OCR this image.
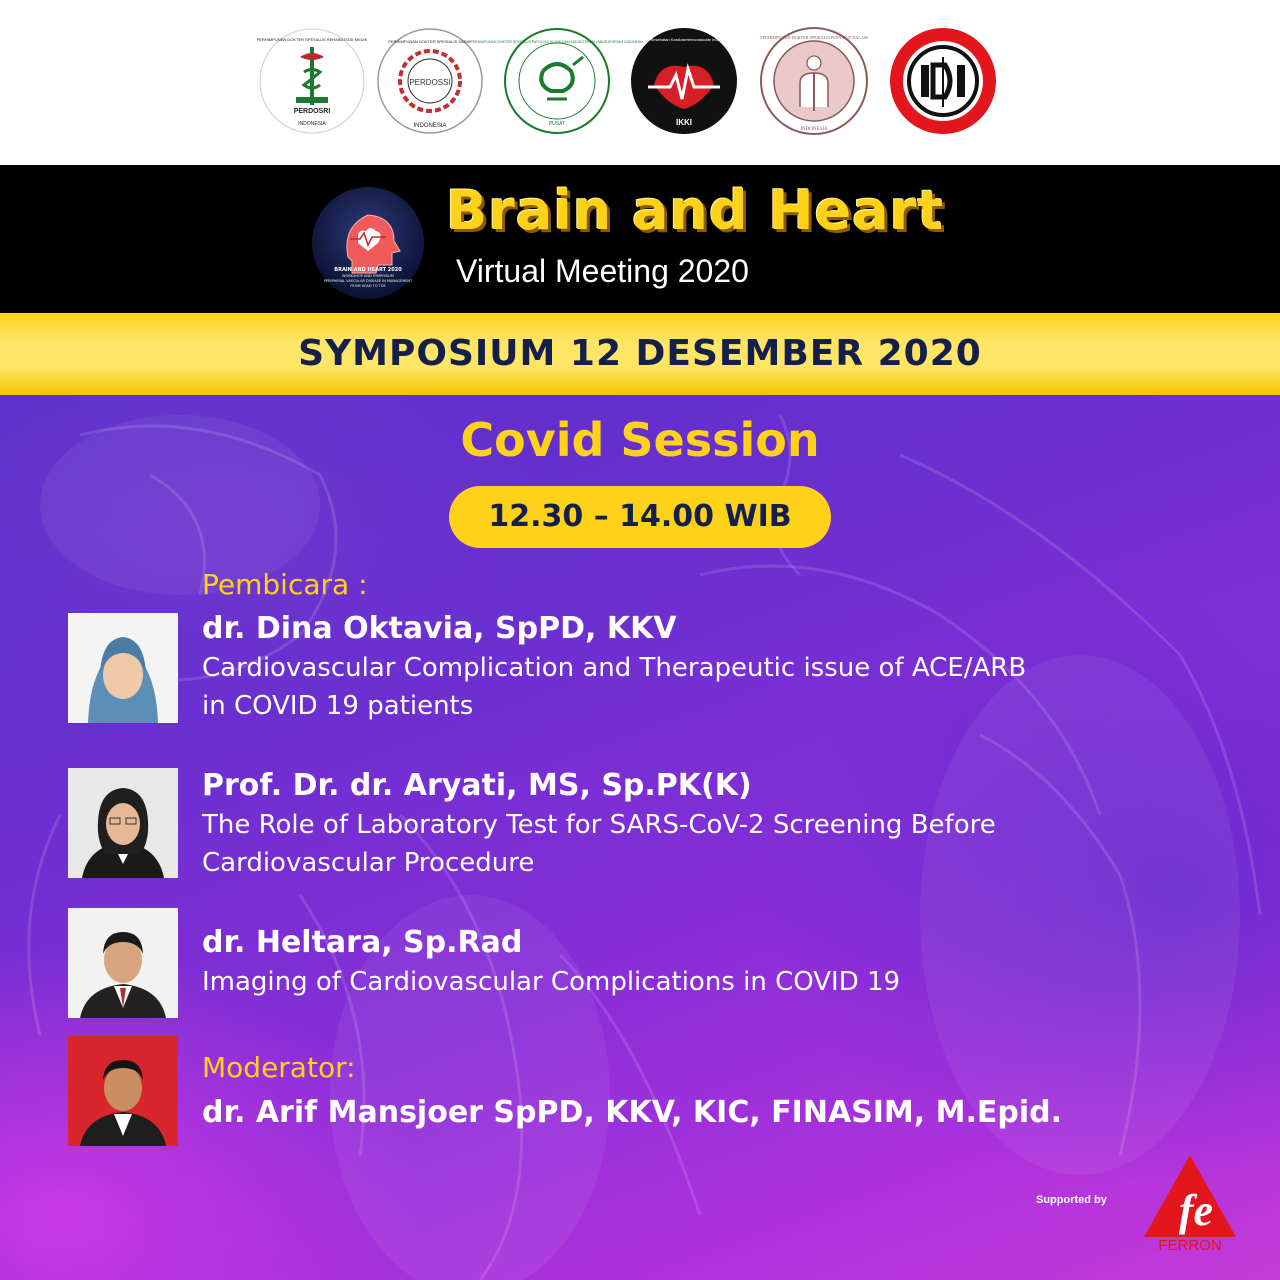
PERDOSRI
INDONESIA
PERHIMPUNAN DOKTER SPESIALIS REHABILITASI MEDIK
PERDOSSI
PERHIMPUNAN DOKTER SPESIALIS SARAF
INDONESIA
PERHIMPUNAN DOKTER SPESIALIS PATOLOGI KLINIK DAN KEDOKTERAN LABORATORIUM INDONESIA
PUSAT	IKKI
Ikatan Kesehatan Kardioserebrovaskular Indonesia	PERHIMPUNAN DOKTER SPESIALIS PENYAKIT DALAM
INDONESIA
BRAIN AND HEART 2020
WORKSHOP AND SYMPOSIUM
PERIPHERAL VASCULAR DISEASE IN MANAGEMENT
FROM HEAD TO TOE
Brain and Heart
Virtual Meeting 2020
SYMPOSIUM 12 DESEMBER 2020
Covid Session
12.30 – 14.00 WIB
Pembicara :
dr. Dina Oktavia, SpPD, KKV
Cardiovascular Complication and Therapeutic issue of ACE/ARB
in COVID 19 patients
Prof. Dr. dr. Aryati, MS, Sp.PK(K)
The Role of Laboratory Test for SARS-CoV-2 Screening Before
Cardiovascular Procedure
dr. Heltara, Sp.Rad
Imaging of Cardiovascular Complications in COVID 19
Moderator:
dr. Arif Mansjoer SpPD, KKV, KIC, FINASIM, M.Epid.
Supported by fe
FERRON
